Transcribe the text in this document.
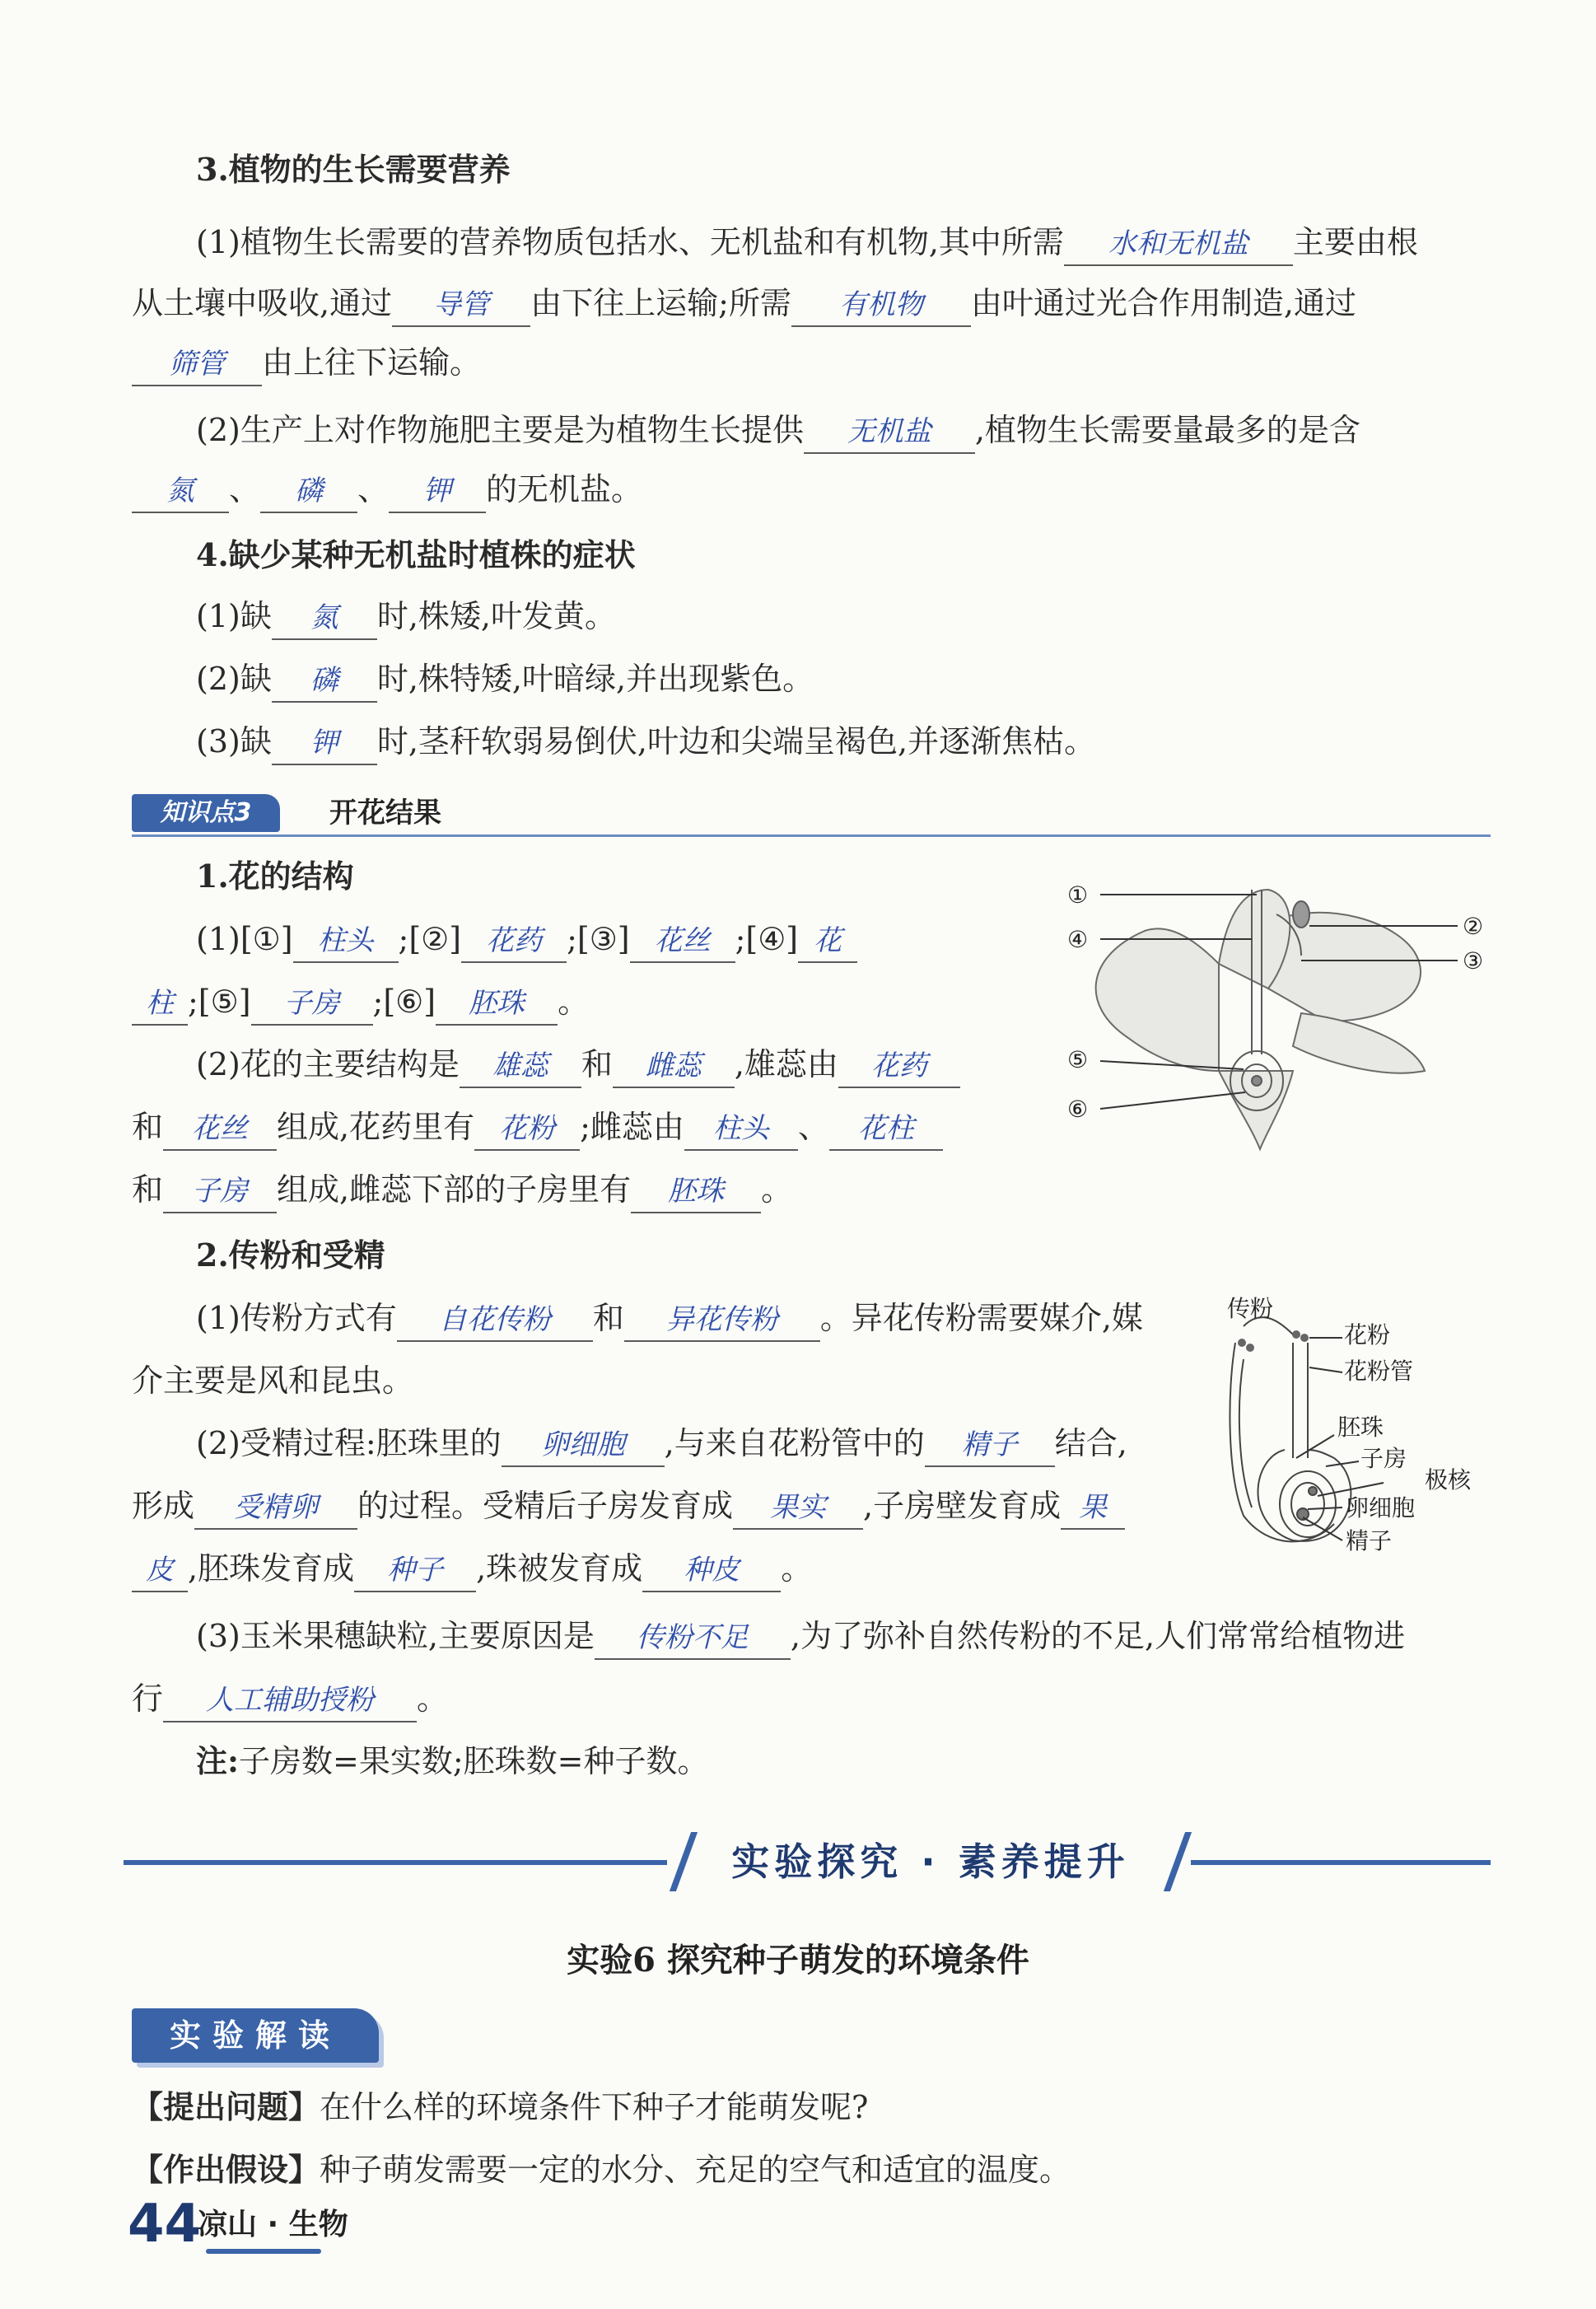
3.植物的生长需要营养
(1)植物生长需要的营养物质包括水、无机盐和有机物,其中所需 水和无机盐 主要由根
从土壤中吸收,通过 导管 由下往上运输;所需 有机物 由叶通过光合作用制造,通过
筛管 由上往下运输。
(2)生产上对作物施肥主要是为植物生长提供 无机盐 ,植物生长需要量最多的是含
氮 、 磷 、 钾 的无机盐。
4.缺少某种无机盐时植株的症状
(1)缺 氮 时,株矮,叶发黄。
(2)缺 磷 时,株特矮,叶暗绿,并出现紫色。
(3)缺 钾 时,茎秆软弱易倒伏,叶边和尖端呈褐色,并逐渐焦枯。
知识点3	开花结果
1.花的结构
(1)[①] 柱头 ;[②] 花药 ;[③] 花丝 ;[④] 花
柱 ;[⑤] 子房 ;[⑥] 胚珠 。
(2)花的主要结构是 雄蕊 和 雌蕊 ,雄蕊由 花药
和 花丝 组成,花药里有 花粉 ;雌蕊由 柱头 、 花柱
和 子房 组成,雌蕊下部的子房里有 胚珠 。
①
②
③
④
⑤
⑥
2.传粉和受精
(1)传粉方式有 自花传粉 和 异花传粉 。异花传粉需要媒介,媒
介主要是风和昆虫。
(2)受精过程:胚珠里的 卵细胞 ,与来自花粉管中的 精子 结合,
形成 受精卵 的过程。受精后子房发育成 果实 ,子房壁发育成 果
皮 ,胚珠发育成 种子 ,珠被发育成 种皮 。
(3)玉米果穗缺粒,主要原因是 传粉不足 ,为了弥补自然传粉的不足,人们常常给植物进
行 人工辅助授粉 。
注:子房数=果实数;胚珠数=种子数。
传粉
花粉
花粉管
胚珠
子房
极核
卵细胞
精子
实验探究 · 素养提升
实验6 探究种子萌发的环境条件
实验解读
【提出问题】在什么样的环境条件下种子才能萌发呢?
【作出假设】种子萌发需要一定的水分、充足的空气和适宜的温度。
44
凉山 · 生物
